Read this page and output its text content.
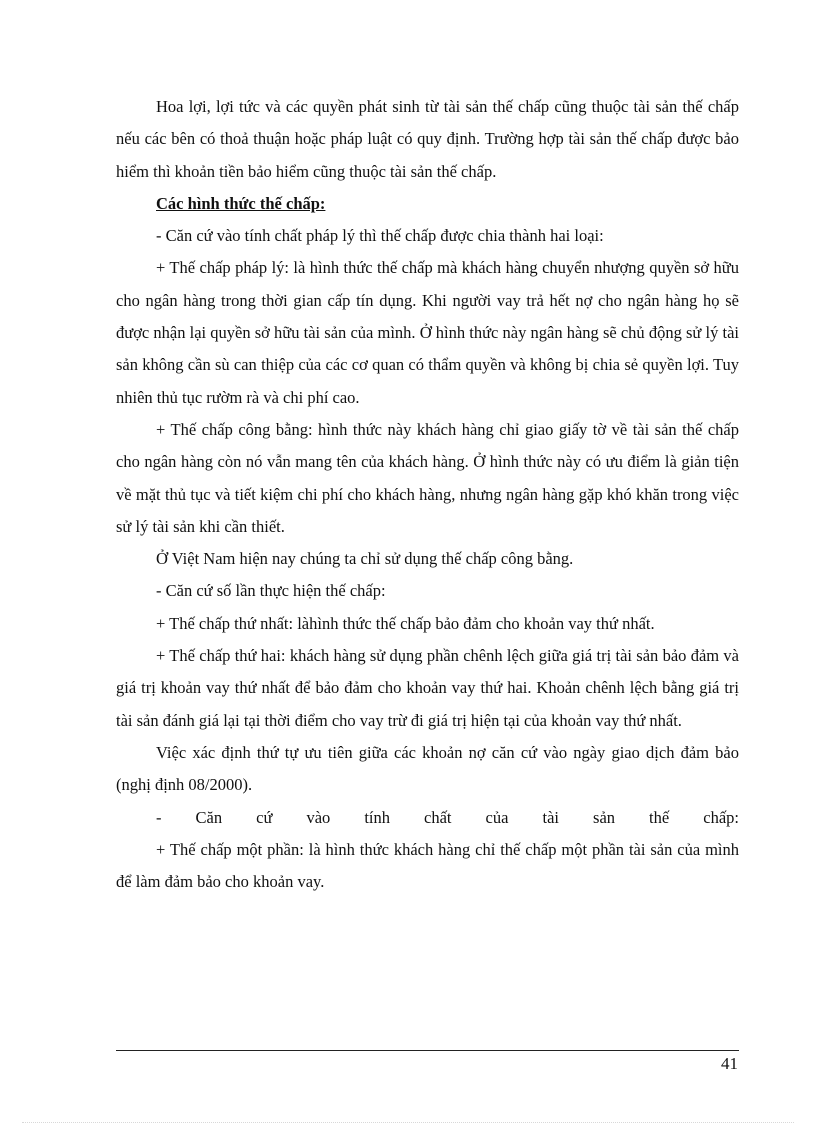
Hoa lợi, lợi tức và các quyền phát sinh từ tài sản thế chấp cũng thuộc tài sản thế chấp nếu các bên có thoả thuận hoặc pháp luật có quy định. Trường hợp tài sản thế chấp được bảo hiểm thì khoản tiền bảo hiểm cũng thuộc tài sản thế chấp.

Các hình thức thế chấp:

- Căn cứ vào tính chất pháp lý thì thế chấp được chia thành hai loại:

+ Thế chấp pháp lý: là hình thức thế chấp mà khách hàng chuyển nhượng quyền sở hữu cho ngân hàng trong thời gian cấp tín dụng. Khi người vay trả hết nợ cho ngân hàng họ sẽ được nhận lại quyền sở hữu tài sản của mình. Ở hình thức này ngân hàng sẽ chủ động sử lý tài sản không cần sù can thiệp của các cơ quan có thẩm quyền và không bị chia sẻ quyền lợi. Tuy nhiên thủ tục rườm rà và chi phí cao.

+ Thế chấp công bằng: hình thức này khách hàng chỉ giao giấy tờ về tài sản thế chấp cho ngân hàng còn nó vẫn mang tên của khách hàng. Ở hình thức này có ưu điểm là giản tiện về mặt thủ tục và tiết kiệm chi phí cho khách hàng, nhưng ngân hàng gặp khó khăn trong việc sử lý tài sản khi cần thiết.

Ở Việt Nam hiện nay chúng ta chỉ sử dụng thế chấp công bằng.

- Căn cứ số lần thực hiện thế chấp:

+ Thế chấp thứ nhất: làhình thức thế chấp bảo đảm cho khoản vay thứ nhất.

+ Thế chấp thứ hai: khách hàng sử dụng phần chênh lệch giữa giá trị tài sản bảo đảm và giá trị khoản vay thứ nhất để bảo đảm cho khoản vay thứ hai. Khoản chênh lệch bằng giá trị tài sản đánh giá lại tại thời điểm cho vay trừ đi giá trị hiện tại của khoản vay thứ nhất.

Việc xác định thứ tự ưu tiên giữa các khoản nợ căn cứ vào ngày giao dịch đảm bảo (nghị định 08/2000).

- Căn cứ vào tính chất của tài sản thế chấp:

+ Thế chấp một phần: là hình thức khách hàng chỉ thế chấp một phần tài sản của mình để làm đảm bảo cho khoản vay.

41
